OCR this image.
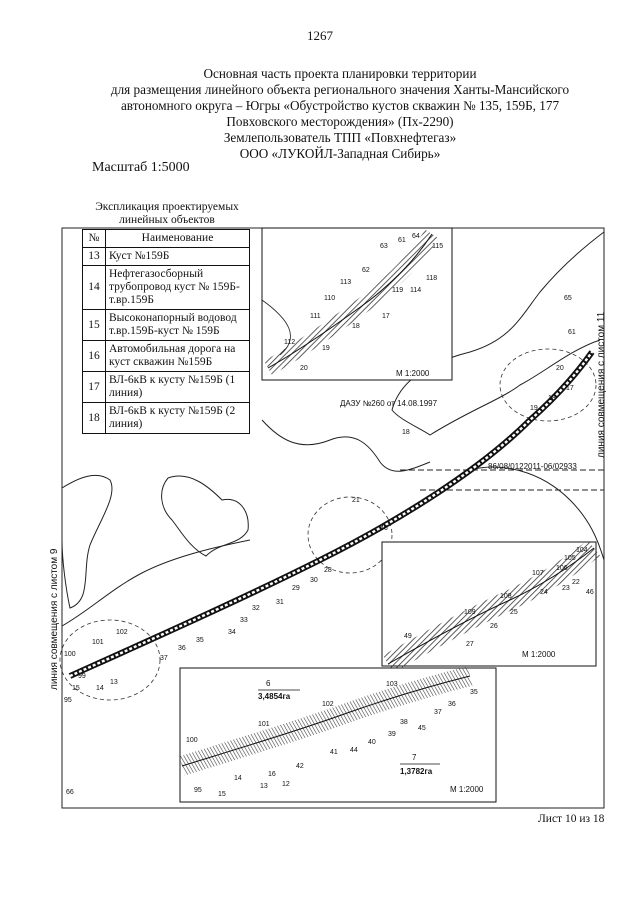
1267
Основная часть проекта планировки территории
для размещения линейного объекта регионального значения Ханты-Мансийского
автономного округа – Югры «Обустройство кустов скважин № 135, 159Б, 177
Повховского месторождения» (Пх-2290)
Землепользователь ТПП «Повхнефтегаз»
ООО «ЛУКОЙЛ-Западная Сибирь»
Масштаб 1:5000
61
64
63	115
62
113
118
119 114
110
17
18
111
112
19
20
М 1:2000
104
105
106
107
108
109
49
22
46
23
24
25
26
27
М 1:2000
103
35
36
37
38
45
39
40
44
41
102
101
42
100
14
16
13 12
95
15
6
3,4854га
7
1,3782га
М 1:2000
65
61
20
17
18
19
18
21
46
28
30
29
31
32
33
34
35
36
37
102
101
100
99
13
14
15
95
66
ДАЗУ №260 от 14.08.1997
86/08/0122011-06/02933
линия совмещения с листом 9
линия совмещения с листом 11
Экспликация проектируемых линейных объектов
№	Наименование
13	Куст №159Б
14	Нефтегазосборный трубопровод куст № 159Б-т.вр.159Б
15	Высоконапорный водовод т.вр.159Б-куст № 159Б
16	Автомобильная дорога на куст скважин №159Б
17	ВЛ-6кВ к кусту №159Б (1 линия)
18	ВЛ-6кВ к кусту №159Б (2 линия)
Лист 10 из 18
